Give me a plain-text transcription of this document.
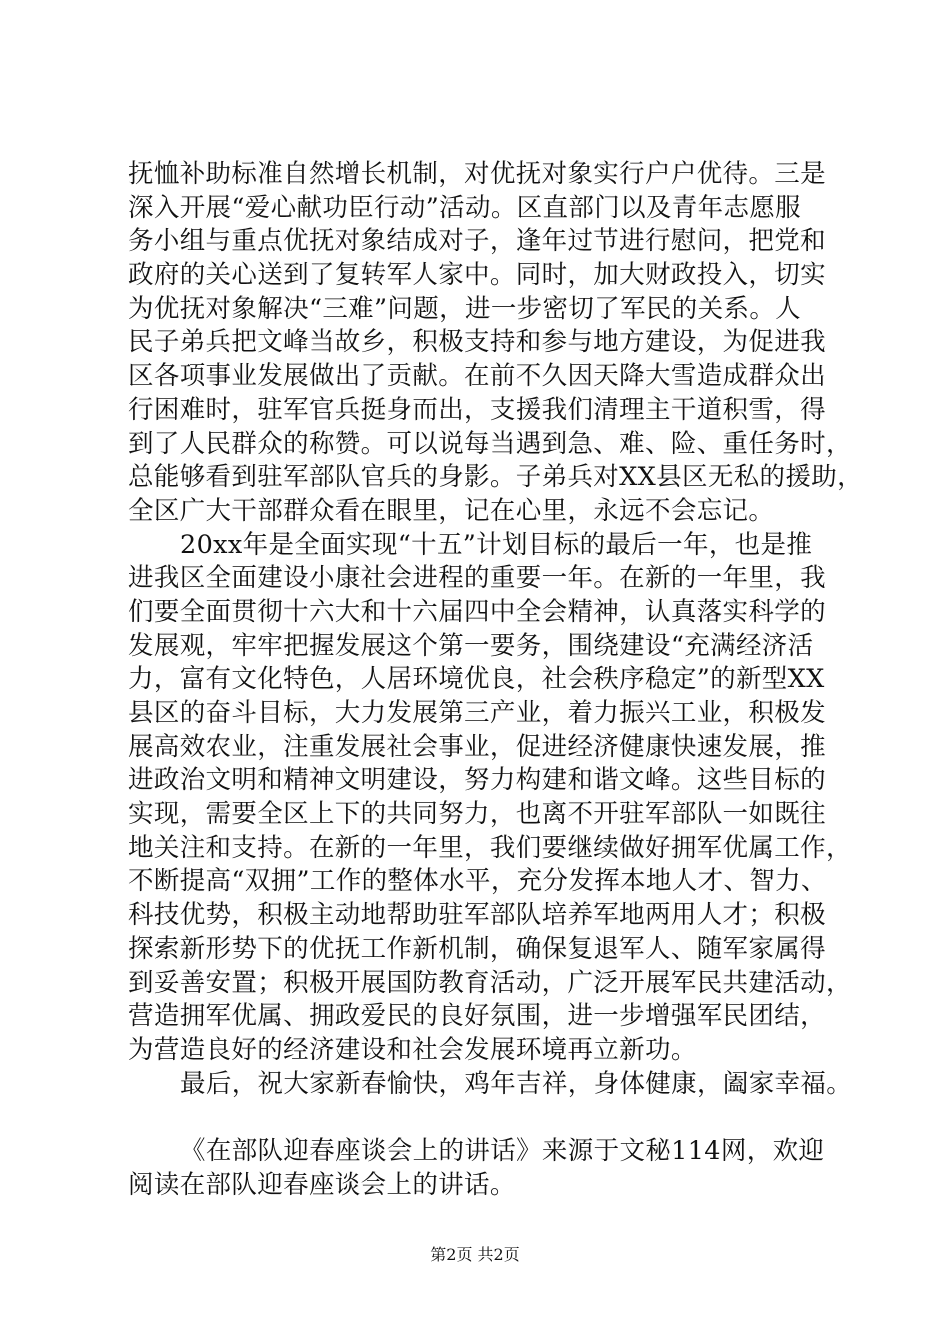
抚恤补助标准自然增长机制，对优抚对象实行户户优待。三是
深入开展“爱心献功臣行动”活动。区直部门以及青年志愿服
务小组与重点优抚对象结成对子，逢年过节进行慰问，把党和
政府的关心送到了复转军人家中。同时，加大财政投入，切实
为优抚对象解决“三难”问题，进一步密切了军民的关系。人
民子弟兵把文峰当故乡，积极支持和参与地方建设，为促进我
区各项事业发展做出了贡献。在前不久因天降大雪造成群众出
行困难时，驻军官兵挺身而出，支援我们清理主干道积雪，得
到了人民群众的称赞。可以说每当遇到急、难、险、重任务时，
总能够看到驻军部队官兵的身影。子弟兵对XX县区无私的援助，
全区广大干部群众看在眼里，记在心里，永远不会忘记。
20xx年是全面实现“十五”计划目标的最后一年，也是推
进我区全面建设小康社会进程的重要一年。在新的一年里，我
们要全面贯彻十六大和十六届四中全会精神，认真落实科学的
发展观，牢牢把握发展这个第一要务，围绕建设“充满经济活
力，富有文化特色，人居环境优良，社会秩序稳定”的新型XX
县区的奋斗目标，大力发展第三产业，着力振兴工业，积极发
展高效农业，注重发展社会事业，促进经济健康快速发展，推
进政治文明和精神文明建设，努力构建和谐文峰。这些目标的
实现，需要全区上下的共同努力，也离不开驻军部队一如既往
地关注和支持。在新的一年里，我们要继续做好拥军优属工作，
不断提高“双拥”工作的整体水平，充分发挥本地人才、智力、
科技优势，积极主动地帮助驻军部队培养军地两用人才；积极
探索新形势下的优抚工作新机制，确保复退军人、随军家属得
到妥善安置；积极开展国防教育活动，广泛开展军民共建活动，
营造拥军优属、拥政爱民的良好氛围，进一步增强军民团结，
为营造良好的经济建设和社会发展环境再立新功。
最后，祝大家新春愉快，鸡年吉祥，身体健康，阖家幸福。
《在部队迎春座谈会上的讲话》来源于文秘114网，欢迎
阅读在部队迎春座谈会上的讲话。
第2页 共2页
